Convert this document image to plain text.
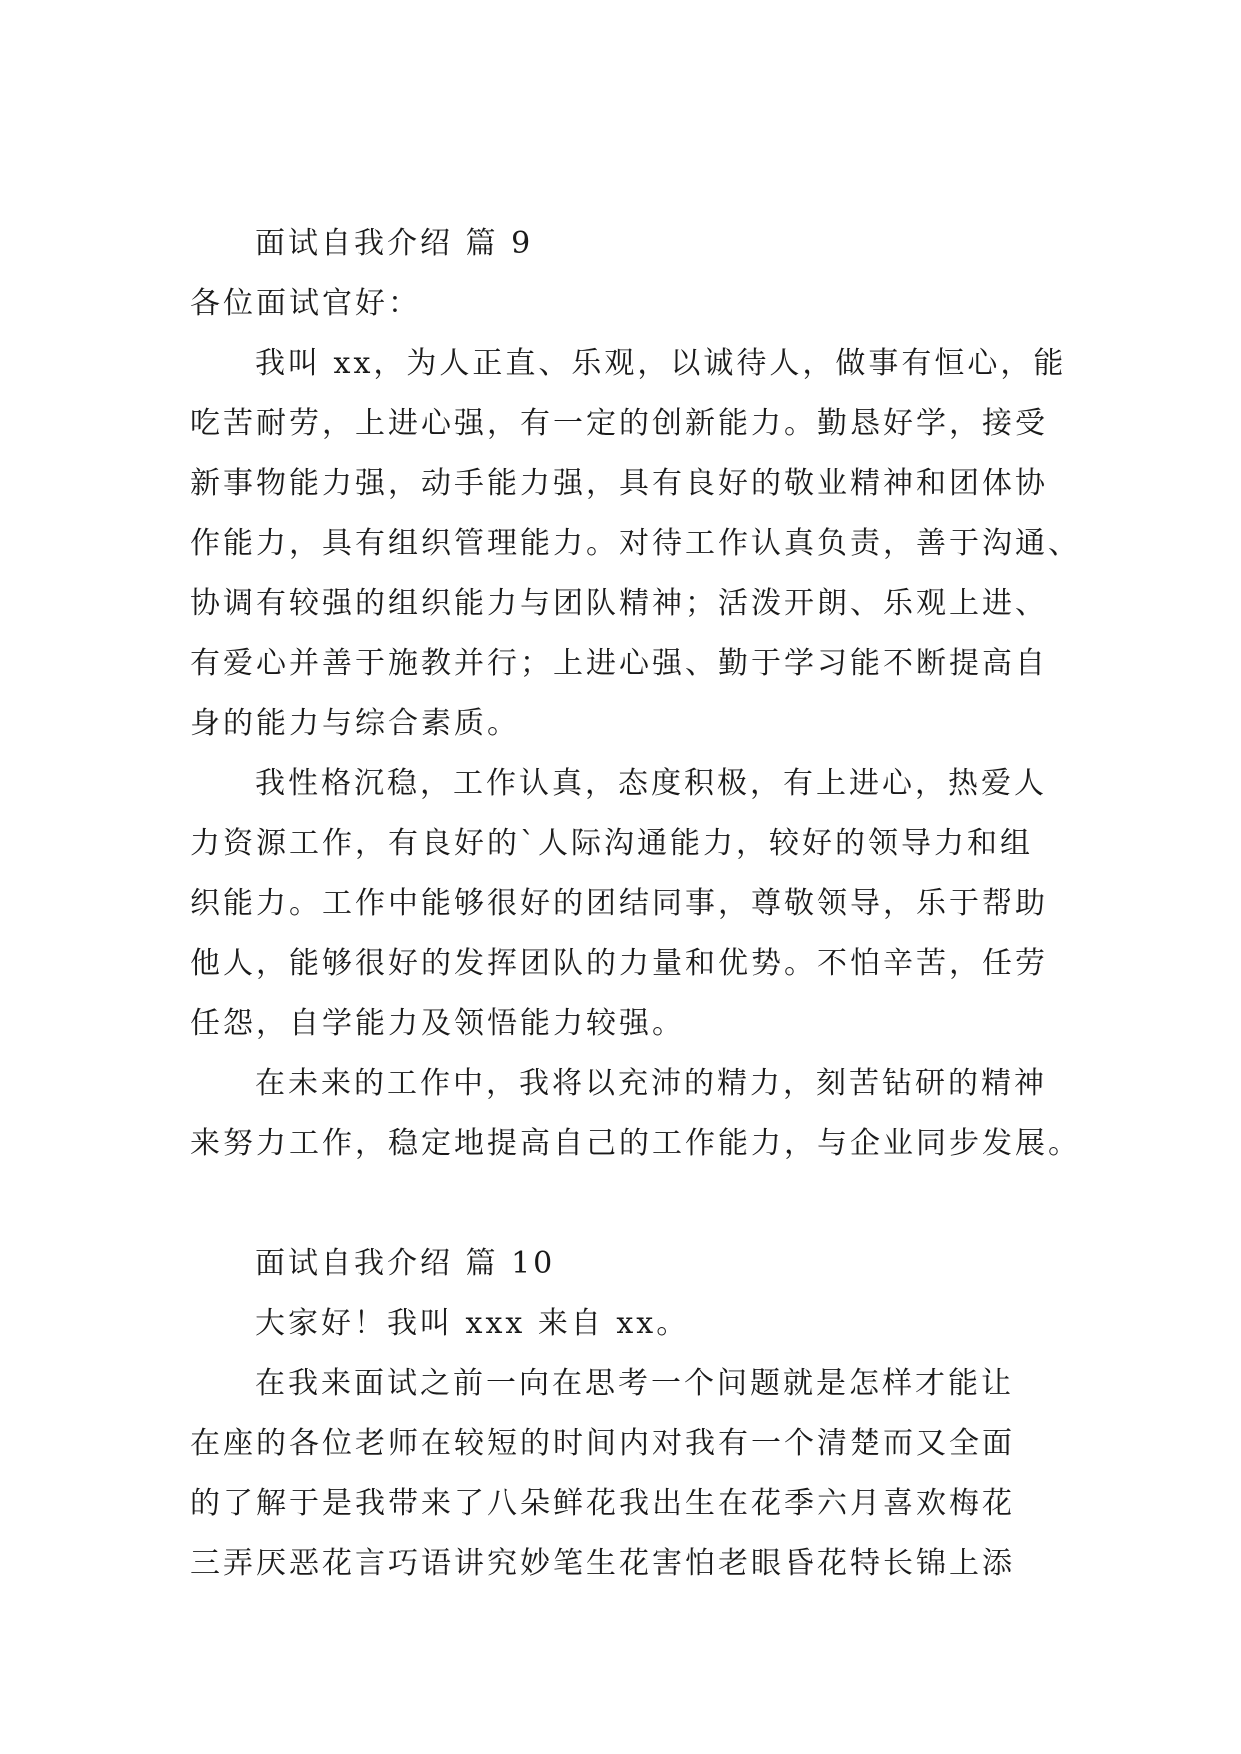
面试自我介绍 篇 9
各位面试官好：
我叫 xx，为人正直、乐观，以诚待人，做事有恒心，能
吃苦耐劳，上进心强，有一定的创新能力。勤恳好学，接受
新事物能力强，动手能力强，具有良好的敬业精神和团体协
作能力，具有组织管理能力。对待工作认真负责，善于沟通、
协调有较强的组织能力与团队精神；活泼开朗、乐观上进、
有爱心并善于施教并行；上进心强、勤于学习能不断提高自
身的能力与综合素质。
我性格沉稳，工作认真，态度积极，有上进心，热爱人
力资源工作，有良好的`人际沟通能力，较好的领导力和组
织能力。工作中能够很好的团结同事，尊敬领导，乐于帮助
他人，能够很好的发挥团队的力量和优势。不怕辛苦，任劳
任怨，自学能力及领悟能力较强。
在未来的工作中，我将以充沛的精力，刻苦钻研的精神
来努力工作，稳定地提高自己的工作能力，与企业同步发展。
面试自我介绍 篇 10
大家好！我叫 xxx 来自 xx。
在我来面试之前一向在思考一个问题就是怎样才能让
在座的各位老师在较短的时间内对我有一个清楚而又全面
的了解于是我带来了八朵鲜花我出生在花季六月喜欢梅花
三弄厌恶花言巧语讲究妙笔生花害怕老眼昏花特长锦上添
